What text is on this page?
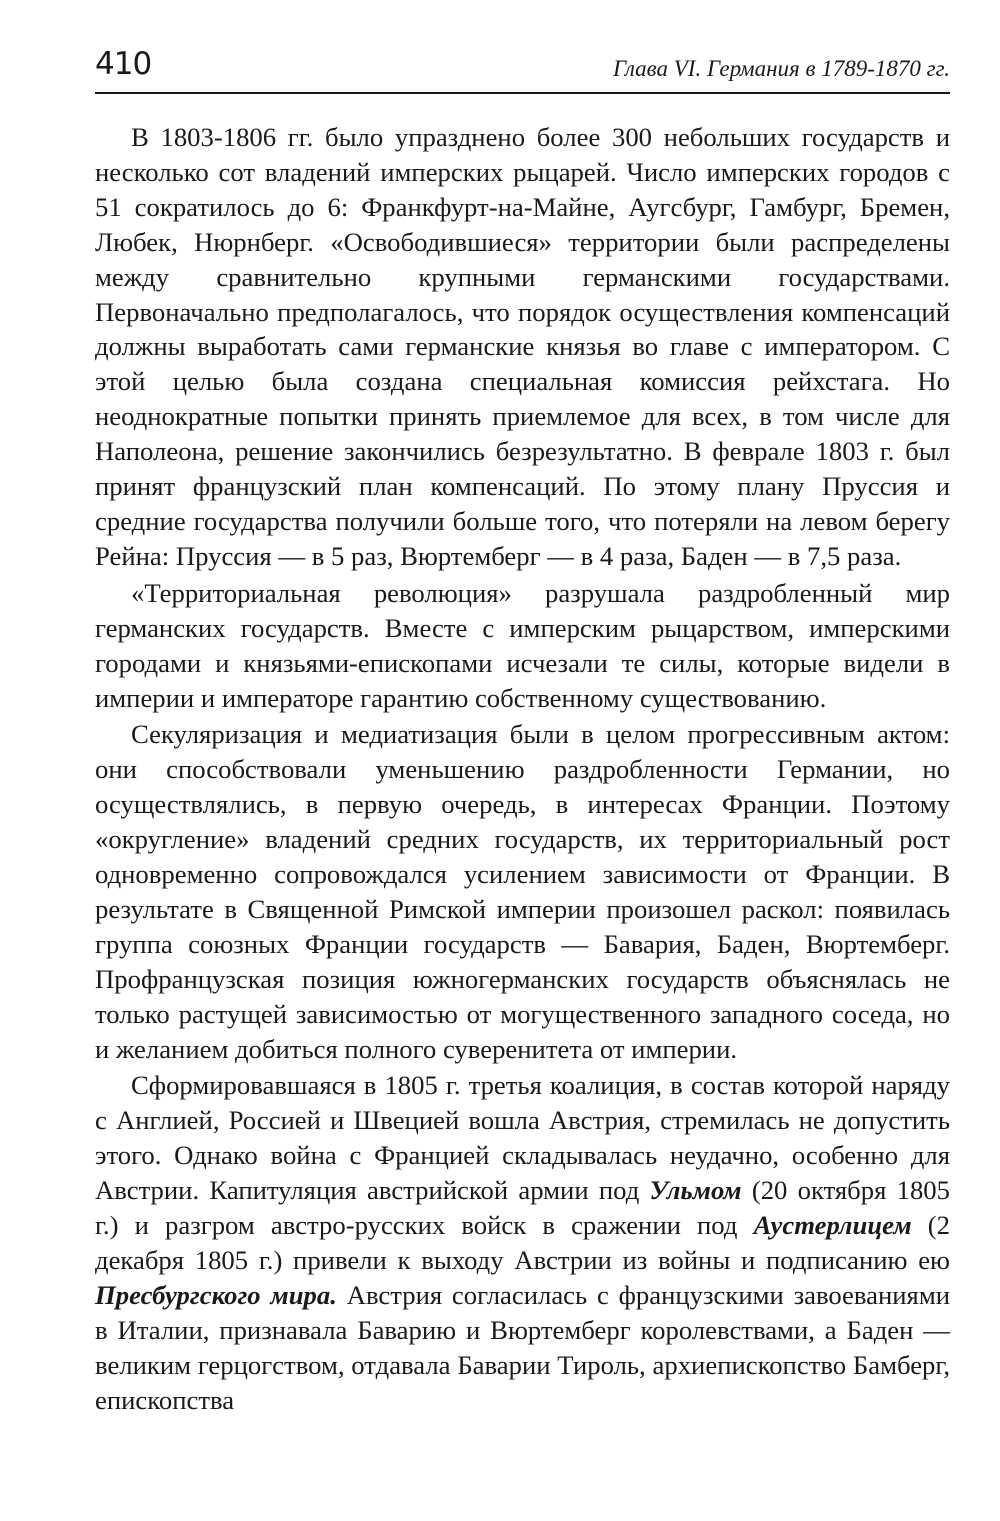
410	Глава VI. Германия в 1789-1870 гг.

В 1803-1806 гг. было упразднено более 300 небольших государств и несколько сот владений имперских рыцарей. Число имперских городов с 51 сократилось до 6: Франкфурт-на-Майне, Аугсбург, Гамбург, Бремен, Любек, Нюрнберг. «Освободившиеся» территории были распределены между сравнительно крупными германскими государствами. Первоначально предполагалось, что порядок осуществления компенсаций должны выработать сами германские князья во главе с императором. С этой целью была создана специальная комиссия рейхстага. Но неоднократные попытки принять приемлемое для всех, в том числе для Наполеона, решение закончились безрезультатно. В феврале 1803 г. был принят французский план компенсаций. По этому плану Пруссия и средние государства получили больше того, что потеряли на левом берегу Рейна: Пруссия — в 5 раз, Вюртемберг — в 4 раза, Баден — в 7,5 раза.

«Территориальная революция» разрушала раздробленный мир германских государств. Вместе с имперским рыцарством, имперскими городами и князьями-епископами исчезали те силы, которые видели в империи и императоре гарантию собственному существованию.

Секуляризация и медиатизация были в целом прогрессивным актом: они способствовали уменьшению раздробленности Германии, но осуществлялись, в первую очередь, в интересах Франции. Поэтому «округление» владений средних государств, их территориальный рост одновременно сопровождался усилением зависимости от Франции. В результате в Священной Римской империи произошел раскол: появилась группа союзных Франции государств — Бавария, Баден, Вюртемберг. Профранцузская позиция южногерманских государств объяснялась не только растущей зависимостью от могущественного западного соседа, но и желанием добиться полного суверенитета от империи.

Сформировавшаяся в 1805 г. третья коалиция, в состав которой наряду с Англией, Россией и Швецией вошла Австрия, стремилась не допустить этого. Однако война с Францией складывалась неудачно, особенно для Австрии. Капитуляция австрийской армии под Ульмом (20 октября 1805 г.) и разгром австро-русских войск в сражении под Аустерлицем (2 декабря 1805 г.) привели к выходу Австрии из войны и подписанию ею Пресбургского мира. Австрия согласилась с французскими завоеваниями в Италии, признавала Баварию и Вюртемберг королевствами, а Баден — великим герцогством, отдавала Баварии Тироль, архиепископство Бамберг, епископства
